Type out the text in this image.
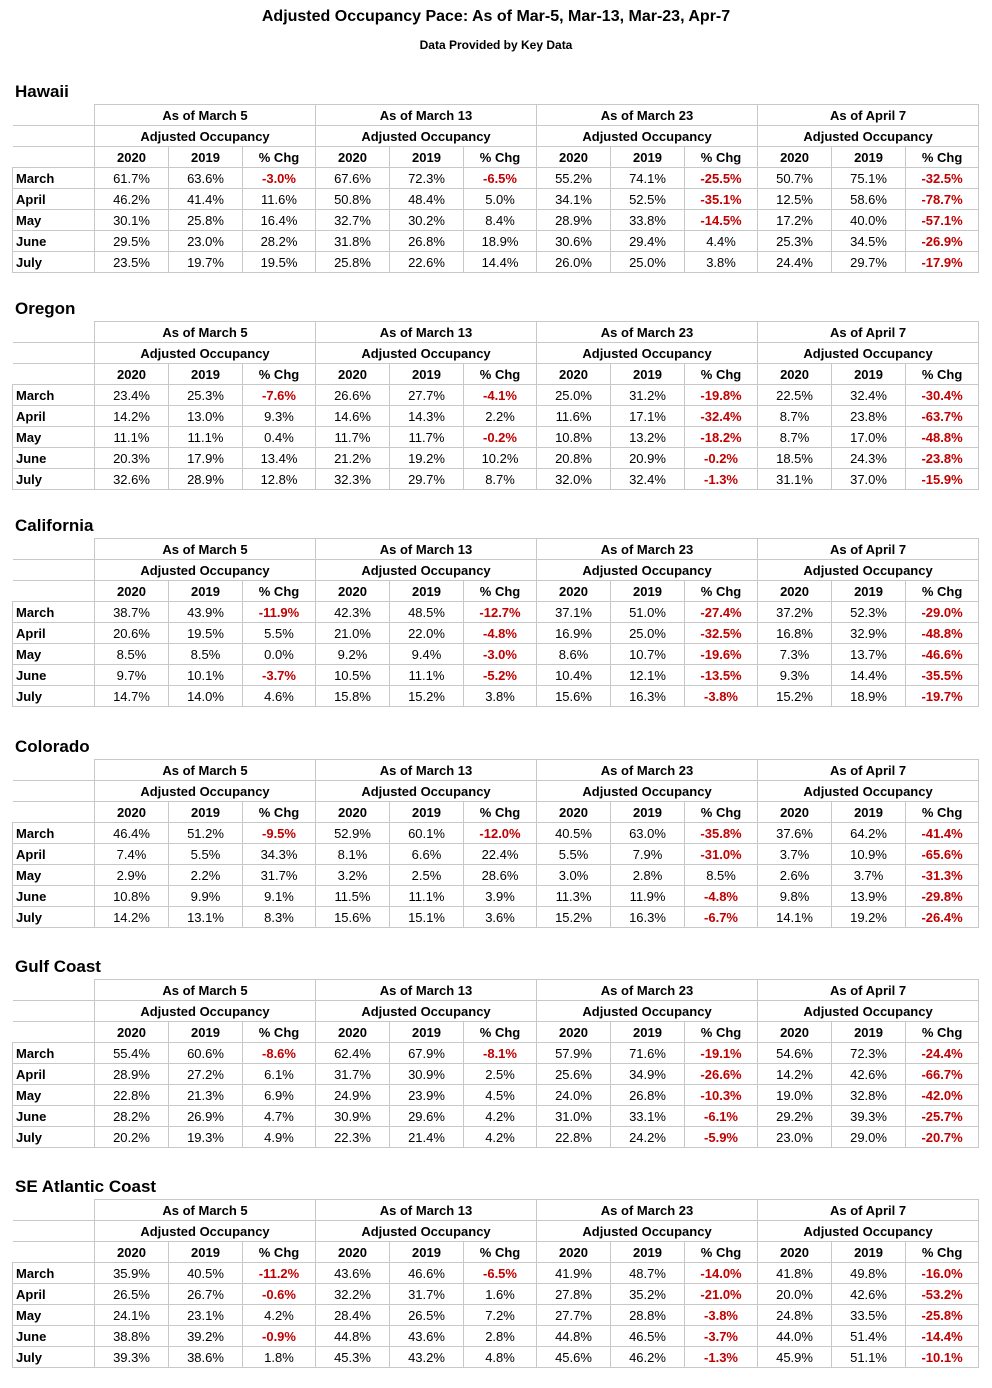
Adjusted Occupancy Pace: As of Mar-5, Mar-13, Mar-23, Apr-7
Data Provided by Key Data
Hawaii
	As of March 5			As of March 13			As of March 23			As of April 7		
	Adjusted Occupancy			Adjusted Occupancy			Adjusted Occupancy			Adjusted Occupancy		
	2020	2019	% Chg	2020	2019	% Chg	2020	2019	% Chg	2020	2019	% Chg
March	61.7%	63.6%	-3.0%	67.6%	72.3%	-6.5%	55.2%	74.1%	-25.5%	50.7%	75.1%	-32.5%
April	46.2%	41.4%	11.6%	50.8%	48.4%	5.0%	34.1%	52.5%	-35.1%	12.5%	58.6%	-78.7%
May	30.1%	25.8%	16.4%	32.7%	30.2%	8.4%	28.9%	33.8%	-14.5%	17.2%	40.0%	-57.1%
June	29.5%	23.0%	28.2%	31.8%	26.8%	18.9%	30.6%	29.4%	4.4%	25.3%	34.5%	-26.9%
July	23.5%	19.7%	19.5%	25.8%	22.6%	14.4%	26.0%	25.0%	3.8%	24.4%	29.7%	-17.9%
Oregon
	As of March 5			As of March 13			As of March 23			As of April 7		
	Adjusted Occupancy			Adjusted Occupancy			Adjusted Occupancy			Adjusted Occupancy		
	2020	2019	% Chg	2020	2019	% Chg	2020	2019	% Chg	2020	2019	% Chg
March	23.4%	25.3%	-7.6%	26.6%	27.7%	-4.1%	25.0%	31.2%	-19.8%	22.5%	32.4%	-30.4%
April	14.2%	13.0%	9.3%	14.6%	14.3%	2.2%	11.6%	17.1%	-32.4%	8.7%	23.8%	-63.7%
May	11.1%	11.1%	0.4%	11.7%	11.7%	-0.2%	10.8%	13.2%	-18.2%	8.7%	17.0%	-48.8%
June	20.3%	17.9%	13.4%	21.2%	19.2%	10.2%	20.8%	20.9%	-0.2%	18.5%	24.3%	-23.8%
July	32.6%	28.9%	12.8%	32.3%	29.7%	8.7%	32.0%	32.4%	-1.3%	31.1%	37.0%	-15.9%
California
	As of March 5			As of March 13			As of March 23			As of April 7		
	Adjusted Occupancy			Adjusted Occupancy			Adjusted Occupancy			Adjusted Occupancy		
	2020	2019	% Chg	2020	2019	% Chg	2020	2019	% Chg	2020	2019	% Chg
March	38.7%	43.9%	-11.9%	42.3%	48.5%	-12.7%	37.1%	51.0%	-27.4%	37.2%	52.3%	-29.0%
April	20.6%	19.5%	5.5%	21.0%	22.0%	-4.8%	16.9%	25.0%	-32.5%	16.8%	32.9%	-48.8%
May	8.5%	8.5%	0.0%	9.2%	9.4%	-3.0%	8.6%	10.7%	-19.6%	7.3%	13.7%	-46.6%
June	9.7%	10.1%	-3.7%	10.5%	11.1%	-5.2%	10.4%	12.1%	-13.5%	9.3%	14.4%	-35.5%
July	14.7%	14.0%	4.6%	15.8%	15.2%	3.8%	15.6%	16.3%	-3.8%	15.2%	18.9%	-19.7%
Colorado
	As of March 5			As of March 13			As of March 23			As of April 7		
	Adjusted Occupancy			Adjusted Occupancy			Adjusted Occupancy			Adjusted Occupancy		
	2020	2019	% Chg	2020	2019	% Chg	2020	2019	% Chg	2020	2019	% Chg
March	46.4%	51.2%	-9.5%	52.9%	60.1%	-12.0%	40.5%	63.0%	-35.8%	37.6%	64.2%	-41.4%
April	7.4%	5.5%	34.3%	8.1%	6.6%	22.4%	5.5%	7.9%	-31.0%	3.7%	10.9%	-65.6%
May	2.9%	2.2%	31.7%	3.2%	2.5%	28.6%	3.0%	2.8%	8.5%	2.6%	3.7%	-31.3%
June	10.8%	9.9%	9.1%	11.5%	11.1%	3.9%	11.3%	11.9%	-4.8%	9.8%	13.9%	-29.8%
July	14.2%	13.1%	8.3%	15.6%	15.1%	3.6%	15.2%	16.3%	-6.7%	14.1%	19.2%	-26.4%
Gulf Coast
	As of March 5			As of March 13			As of March 23			As of April 7		
	Adjusted Occupancy			Adjusted Occupancy			Adjusted Occupancy			Adjusted Occupancy		
	2020	2019	% Chg	2020	2019	% Chg	2020	2019	% Chg	2020	2019	% Chg
March	55.4%	60.6%	-8.6%	62.4%	67.9%	-8.1%	57.9%	71.6%	-19.1%	54.6%	72.3%	-24.4%
April	28.9%	27.2%	6.1%	31.7%	30.9%	2.5%	25.6%	34.9%	-26.6%	14.2%	42.6%	-66.7%
May	22.8%	21.3%	6.9%	24.9%	23.9%	4.5%	24.0%	26.8%	-10.3%	19.0%	32.8%	-42.0%
June	28.2%	26.9%	4.7%	30.9%	29.6%	4.2%	31.0%	33.1%	-6.1%	29.2%	39.3%	-25.7%
July	20.2%	19.3%	4.9%	22.3%	21.4%	4.2%	22.8%	24.2%	-5.9%	23.0%	29.0%	-20.7%
SE Atlantic Coast
	As of March 5			As of March 13			As of March 23			As of April 7		
	Adjusted Occupancy			Adjusted Occupancy			Adjusted Occupancy			Adjusted Occupancy		
	2020	2019	% Chg	2020	2019	% Chg	2020	2019	% Chg	2020	2019	% Chg
March	35.9%	40.5%	-11.2%	43.6%	46.6%	-6.5%	41.9%	48.7%	-14.0%	41.8%	49.8%	-16.0%
April	26.5%	26.7%	-0.6%	32.2%	31.7%	1.6%	27.8%	35.2%	-21.0%	20.0%	42.6%	-53.2%
May	24.1%	23.1%	4.2%	28.4%	26.5%	7.2%	27.7%	28.8%	-3.8%	24.8%	33.5%	-25.8%
June	38.8%	39.2%	-0.9%	44.8%	43.6%	2.8%	44.8%	46.5%	-3.7%	44.0%	51.4%	-14.4%
July	39.3%	38.6%	1.8%	45.3%	43.2%	4.8%	45.6%	46.2%	-1.3%	45.9%	51.1%	-10.1%
